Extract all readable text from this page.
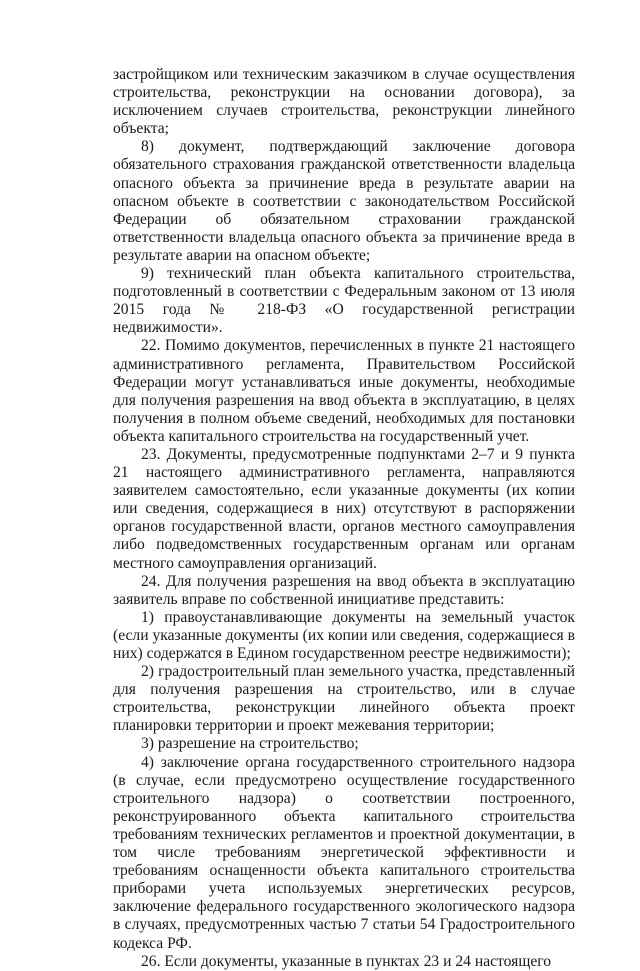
застройщиком или техническим заказчиком в случае осуществления строительства, реконструкции на основании договора), за исключением случаев строительства, реконструкции линейного объекта;

8) документ, подтверждающий заключение договора обязательного страхования гражданской ответственности владельца опасного объекта за причинение вреда в результате аварии на опасном объекте в соответствии с законодательством Российской Федерации об обязательном страховании гражданской ответственности владельца опасного объекта за причинение вреда в результате аварии на опасном объекте;

9) технический план объекта капитального строительства, подготовленный в соответствии с Федеральным законом от 13 июля 2015 года № 218-ФЗ «О государственной регистрации недвижимости».

22. Помимо документов, перечисленных в пункте 21 настоящего административного регламента, Правительством Российской Федерации могут устанавливаться иные документы, необходимые для получения разрешения на ввод объекта в эксплуатацию, в целях получения в полном объеме сведений, необходимых для постановки объекта капитального строительства на государственный учет.

23. Документы, предусмотренные подпунктами 2–7 и 9 пункта 21 настоящего административного регламента, направляются заявителем самостоятельно, если указанные документы (их копии или сведения, содержащиеся в них) отсутствуют в распоряжении органов государственной власти, органов местного самоуправления либо подведомственных государственным органам или органам местного самоуправления организаций.

24. Для получения разрешения на ввод объекта в эксплуатацию заявитель вправе по собственной инициативе представить:

1) правоустанавливающие документы на земельный участок (если указанные документы (их копии или сведения, содержащиеся в них) содержатся в Едином государственном реестре недвижимости);

2) градостроительный план земельного участка, представленный для получения разрешения на строительство, или в случае строительства, реконструкции линейного объекта проект планировки территории и проект межевания территории;

3) разрешение на строительство;

4) заключение органа государственного строительного надзора (в случае, если предусмотрено осуществление государственного строительного надзора) о соответствии построенного, реконструированного объекта капитального строительства требованиям технических регламентов и проектной документации, в том числе требованиям энергетической эффективности и требованиям оснащенности объекта капитального строительства приборами учета используемых энергетических ресурсов, заключение федерального государственного экологического надзора в случаях, предусмотренных частью 7 статьи 54 Градостроительного кодекса РФ.

26. Если документы, указанные в пунктах 23 и 24 настоящего
